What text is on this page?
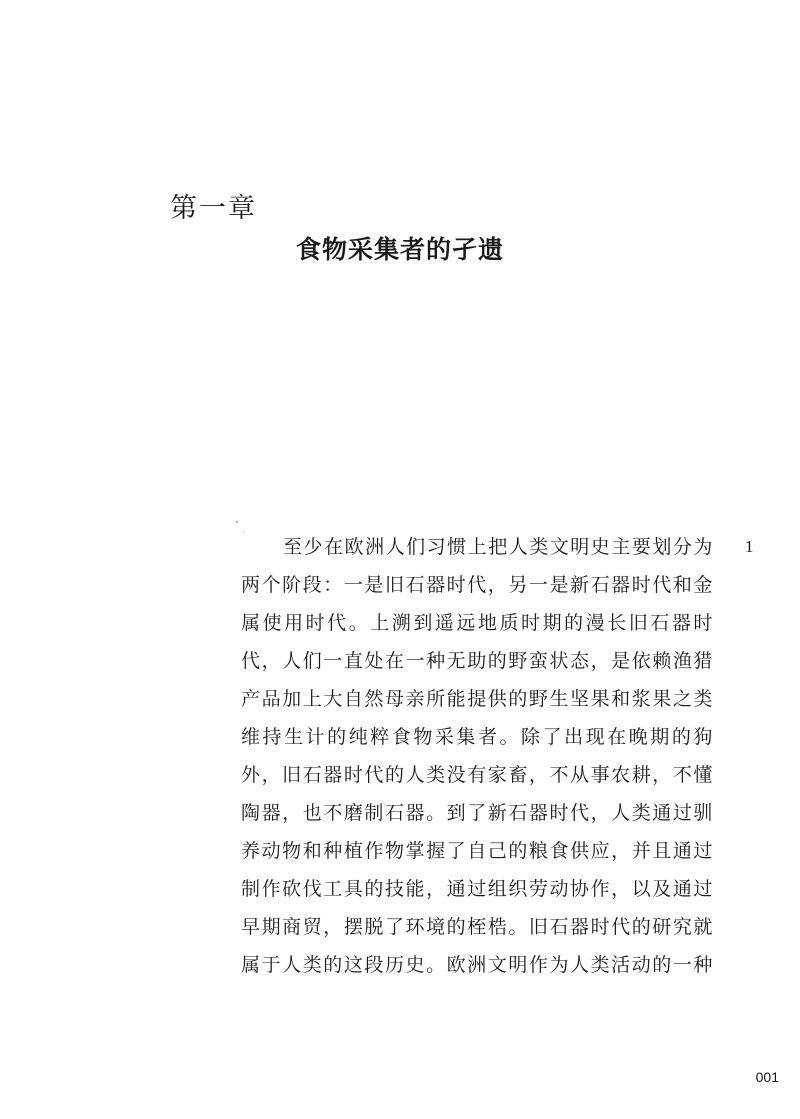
第一章
食物采集者的孑遗
至少在欧洲人们习惯上把人类文明史主要划分为
两个阶段：一是旧石器时代，另一是新石器时代和金
属使用时代。上溯到遥远地质时期的漫长旧石器时
代，人们一直处在一种无助的野蛮状态，是依赖渔猎
产品加上大自然母亲所能提供的野生坚果和浆果之类
维持生计的纯粹食物采集者。除了出现在晚期的狗
外，旧石器时代的人类没有家畜，不从事农耕，不懂
陶器，也不磨制石器。到了新石器时代，人类通过驯
养动物和种植作物掌握了自己的粮食供应，并且通过
制作砍伐工具的技能，通过组织劳动协作，以及通过
早期商贸，摆脱了环境的桎梏。旧石器时代的研究就
属于人类的这段历史。欧洲文明作为人类活动的一种
1
001
